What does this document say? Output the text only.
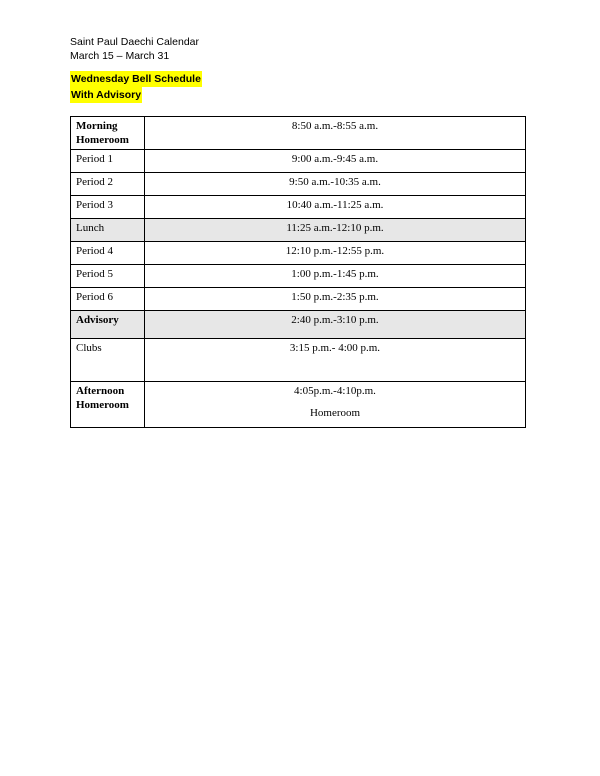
Saint Paul Daechi Calendar
March 15 – March 31
Wednesday Bell Schedule
With Advisory
Morning Homeroom	8:50 a.m.-8:55 a.m.
Period 1	9:00 a.m.-9:45 a.m.
Period 2	9:50 a.m.-10:35 a.m.
Period 3	10:40 a.m.-11:25 a.m.
Lunch	11:25 a.m.-12:10 p.m.
Period 4	12:10 p.m.-12:55 p.m.
Period 5	1:00 p.m.-1:45 p.m.
Period 6	1:50 p.m.-2:35 p.m.
Advisory	2:40 p.m.-3:10 p.m.
Clubs	3:15 p.m.- 4:00 p.m.
Afternoon Homeroom	4:05p.m.-4:10p.m.
Homeroom
